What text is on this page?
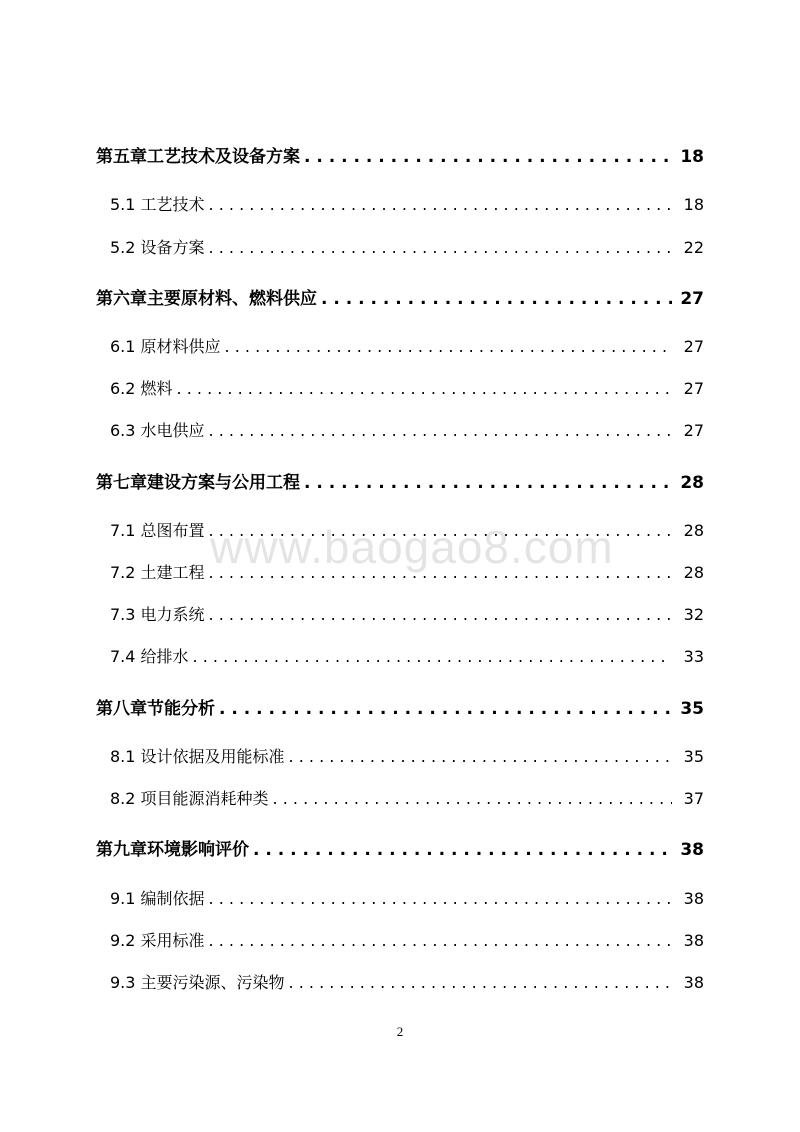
第五章工艺技术及设备方案 . . .	18
5.1 工艺技术 . . .	18
5.2 设备方案 . . .	22
第六章主要原材料、燃料供应 . . .	27
6.1 原材料供应 . . .	27
6.2 燃料 . . .	27
6.3 水电供应 . . .	27
第七章建设方案与公用工程 . . .	28
7.1 总图布置 . . .	28
7.2 土建工程 . . .	28
7.3 电力系统 . . .	32
7.4 给排水 . . .	33
第八章节能分析 . . .	35
8.1 设计依据及用能标准 . . .	35
8.2 项目能源消耗种类 . . .	37
第九章环境影响评价 . . .	38
9.1 编制依据 . . .	38
9.2 采用标准 . . .	38
9.3 主要污染源、污染物 . . .	38
www.baogao8.com
2
